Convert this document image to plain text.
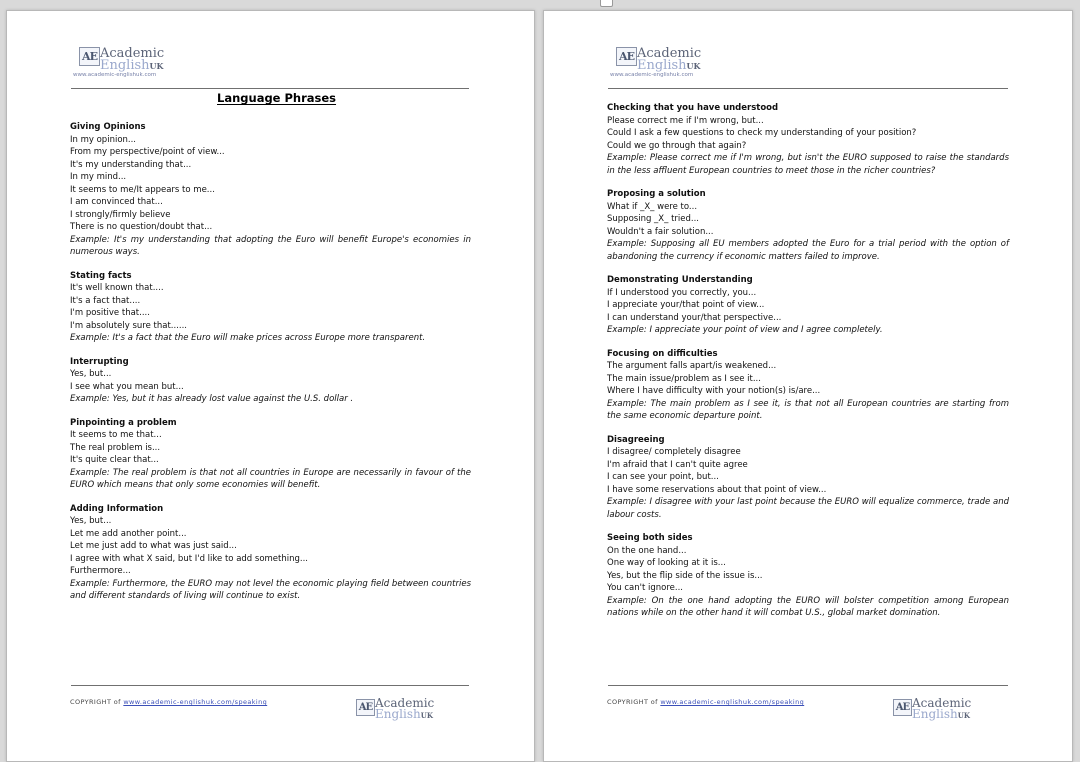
AE Academic
EnglishUK
www.academic-englishuk.com
Language Phrases
Giving Opinions
In my opinion...
From my perspective/point of view...
It's my understanding that...
In my mind...
It seems to me/It appears to me...
I am convinced that...
I strongly/firmly believe
There is no question/doubt that...
Example: It's my understanding that adopting the Euro will benefit Europe's economies in numerous ways.
Stating facts
It's well known that....
It's a fact that....
I'm positive that....
I'm absolutely sure that......
Example: It's a fact that the Euro will make prices across Europe more transparent.
Interrupting
Yes, but...
I see what you mean but...
Example: Yes, but it has already lost value against the U.S. dollar .
Pinpointing a problem
It seems to me that...
The real problem is...
It's quite clear that...
Example: The real problem is that not all countries in Europe are necessarily in favour of the EURO which means that only some economies will benefit.
Adding Information
Yes, but...
Let me add another point...
Let me just add to what was just said...
I agree with what X said, but I'd like to add something...
Furthermore...
Example: Furthermore, the EURO may not level the economic playing field between countries and different standards of living will continue to exist.
COPYRIGHT of www.academic-englishuk.com/speaking	AE Academic
EnglishUK
AE Academic
EnglishUK
www.academic-englishuk.com
Checking that you have understood
Please correct me if I'm wrong, but...
Could I ask a few questions to check my understanding of your position?
Could we go through that again?
Example: Please correct me if I'm wrong, but isn't the EURO supposed to raise the standards in the less affluent European countries to meet those in the richer countries?
Proposing a solution
What if _X_ were to...
Supposing _X_ tried...
Wouldn't a fair solution...
Example: Supposing all EU members adopted the Euro for a trial period with the option of abandoning the currency if economic matters failed to improve.
Demonstrating Understanding
If I understood you correctly, you...
I appreciate your/that point of view...
I can understand your/that perspective...
Example: I appreciate your point of view and I agree completely.
Focusing on difficulties
The argument falls apart/is weakened...
The main issue/problem as I see it...
Where I have difficulty with your notion(s) is/are...
Example: The main problem as I see it, is that not all European countries are starting from the same economic departure point.
Disagreeing
I disagree/ completely disagree
I'm afraid that I can't quite agree
I can see your point, but...
I have some reservations about that point of view...
Example: I disagree with your last point because the EURO will equalize commerce, trade and labour costs.
Seeing both sides
On the one hand...
One way of looking at it is...
Yes, but the flip side of the issue is...
You can't ignore...
Example: On the one hand adopting the EURO will bolster competition among European nations while on the other hand it will combat U.S., global market domination.
COPYRIGHT of www.academic-englishuk.com/speaking	AE Academic
EnglishUK
